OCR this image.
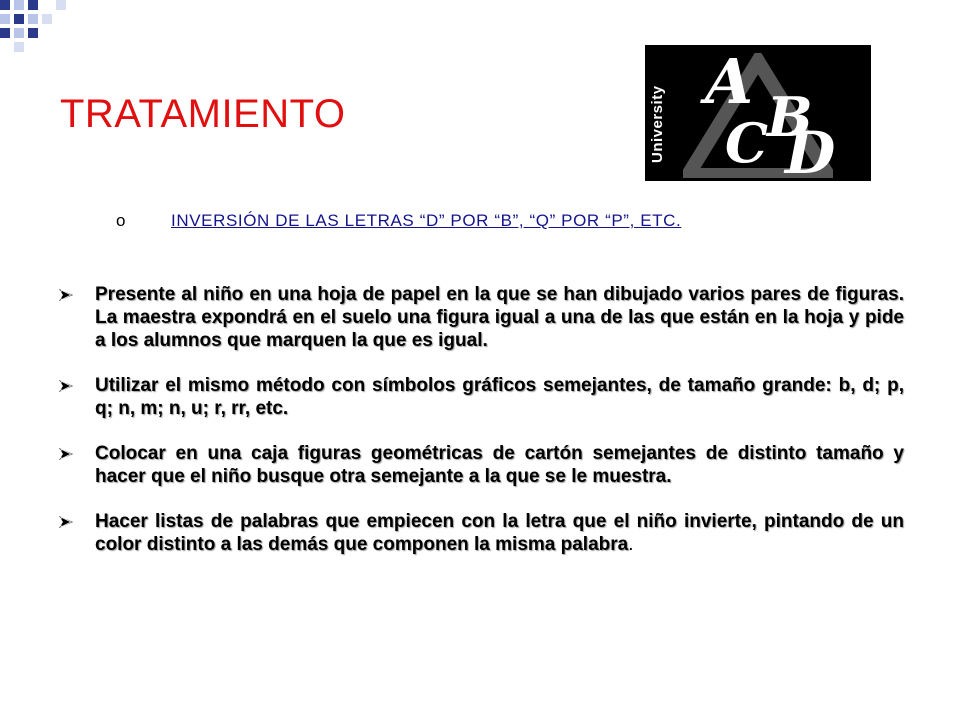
TRATAMIENTO	University
A B
C D
o	INVERSIÓN DE LAS LETRAS “D” POR “B”, “Q” POR “P”, ETC.
Presente al niño en una hoja de papel en la que se han dibujado varios pares de figuras. La maestra expondrá en el suelo una figura igual a una de las que están en la hoja y pide a los alumnos que marquen la que es igual.
Utilizar el mismo método con símbolos gráficos semejantes, de tamaño grande: b, d; p, q; n, m; n, u; r, rr, etc.
Colocar en una caja figuras geométricas de cartón semejantes de distinto tamaño y hacer que el niño busque otra semejante a la que se le muestra.
Hacer listas de palabras que empiecen con la letra que el niño invierte, pintando de un color distinto a las demás que componen la misma palabra.
